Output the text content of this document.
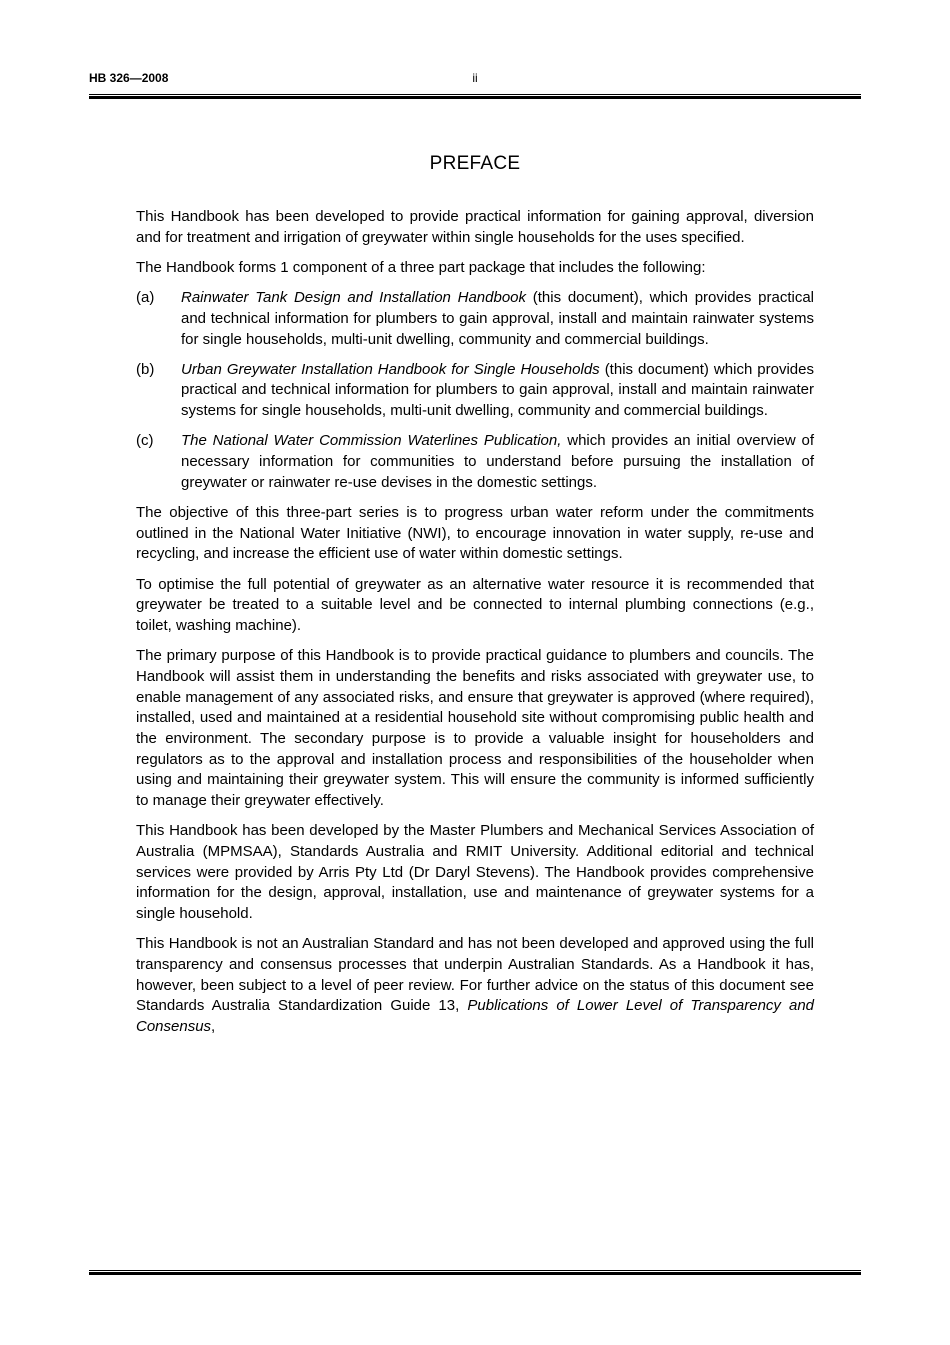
HB 326—2008	ii
PREFACE

This Handbook has been developed to provide practical information for gaining approval, diversion and for treatment and irrigation of greywater within single households for the uses specified.

The Handbook forms 1 component of a three part package that includes the following:

(a)	Rainwater Tank Design and Installation Handbook (this document), which provides practical and technical information for plumbers to gain approval, install and maintain rainwater systems for single households, multi-unit dwelling, community and commercial buildings.
(b)	Urban Greywater Installation Handbook for Single Households (this document) which provides practical and technical information for plumbers to gain approval, install and maintain rainwater systems for single households, multi-unit dwelling, community and commercial buildings.
(c)	The National Water Commission Waterlines Publication, which provides an initial overview of necessary information for communities to understand before pursuing the installation of greywater or rainwater re-use devises in the domestic settings.

The objective of this three-part series is to progress urban water reform under the commitments outlined in the National Water Initiative (NWI), to encourage innovation in water supply, re-use and recycling, and increase the efficient use of water within domestic settings.

To optimise the full potential of greywater as an alternative water resource it is recommended that greywater be treated to a suitable level and be connected to internal plumbing connections (e.g., toilet, washing machine).

The primary purpose of this Handbook is to provide practical guidance to plumbers and councils. The Handbook will assist them in understanding the benefits and risks associated with greywater use, to enable management of any associated risks, and ensure that greywater is approved (where required), installed, used and maintained at a residential household site without compromising public health and the environment. The secondary purpose is to provide a valuable insight for householders and regulators as to the approval and installation process and responsibilities of the householder when using and maintaining their greywater system. This will ensure the community is informed sufficiently to manage their greywater effectively.

This Handbook has been developed by the Master Plumbers and Mechanical Services Association of Australia (MPMSAA), Standards Australia and RMIT University. Additional editorial and technical services were provided by Arris Pty Ltd (Dr Daryl Stevens). The Handbook provides comprehensive information for the design, approval, installation, use and maintenance of greywater systems for a single household.

This Handbook is not an Australian Standard and has not been developed and approved using the full transparency and consensus processes that underpin Australian Standards. As a Handbook it has, however, been subject to a level of peer review. For further advice on the status of this document see Standards Australia Standardization Guide 13, Publications of Lower Level of Transparency and Consensus,
